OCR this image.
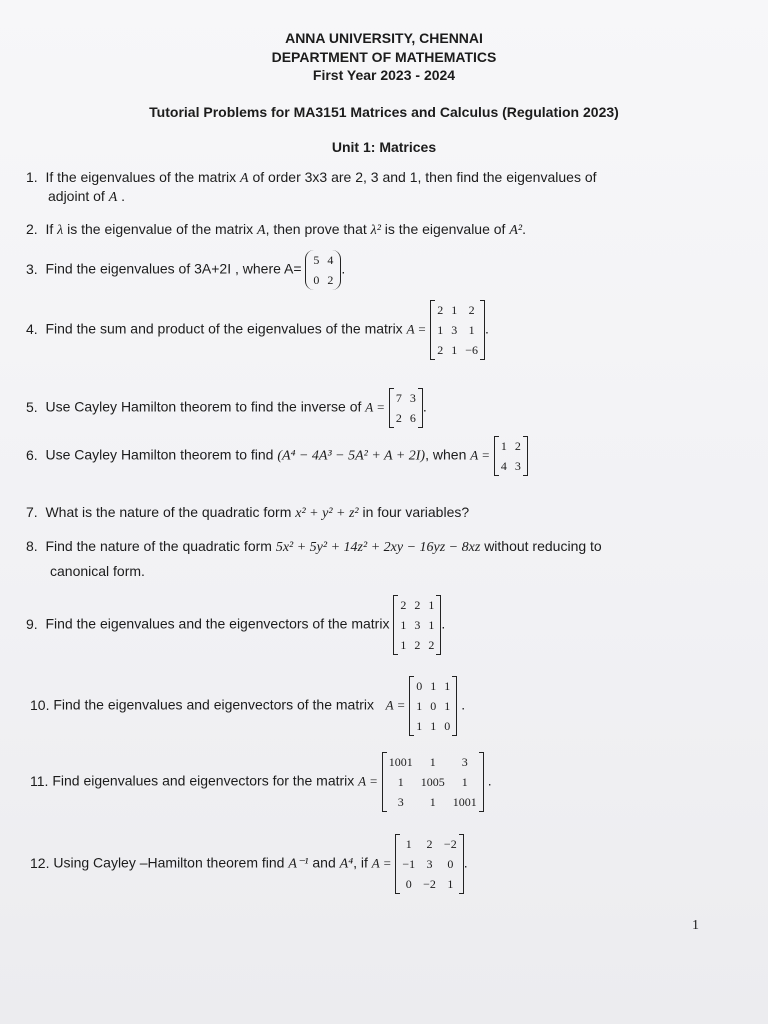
ANNA UNIVERSITY, CHENNAI
DEPARTMENT OF MATHEMATICS
First Year 2023 - 2024
Tutorial Problems for MA3151 Matrices and Calculus (Regulation 2023)
Unit 1: Matrices
1. If the eigenvalues of the matrix A of order 3x3 are 2, 3 and 1, then find the eigenvalues of
adjoint of A .
2. If λ is the eigenvalue of the matrix A, then prove that λ² is the eigenvalue of A².
3. Find the eigenvalues of 3A+2I , where A=
5	4
0	2
.
4. Find the sum and product of the eigenvalues of the matrix A =
2	1	2
1	3	1
2	1	−6
.
5. Use Cayley Hamilton theorem to find the inverse of A =
7	3
2	6
.
6. Use Cayley Hamilton theorem to find (A⁴ − 4A³ − 5A² + A + 2I), when A =
1	2
4	3
7. What is the nature of the quadratic form x² + y² + z² in four variables?
8. Find the nature of the quadratic form 5x² + 5y² + 14z² + 2xy − 16yz − 8xz without reducing to
canonical form.
9. Find the eigenvalues and the eigenvectors of the matrix
2	2	1
1	3	1
1	2	2
.
10. Find the eigenvalues and eigenvectors of the matrix A =
0	1	1
1	0	1
1	1	0
.
11. Find eigenvalues and eigenvectors for the matrix A =
1001	1	3
1	1005	1
3	1	1001
.
12. Using Cayley –Hamilton theorem find A⁻¹ and A⁴, if A =
1	2	−2
−1	3	0
0	−2	1
.
1
